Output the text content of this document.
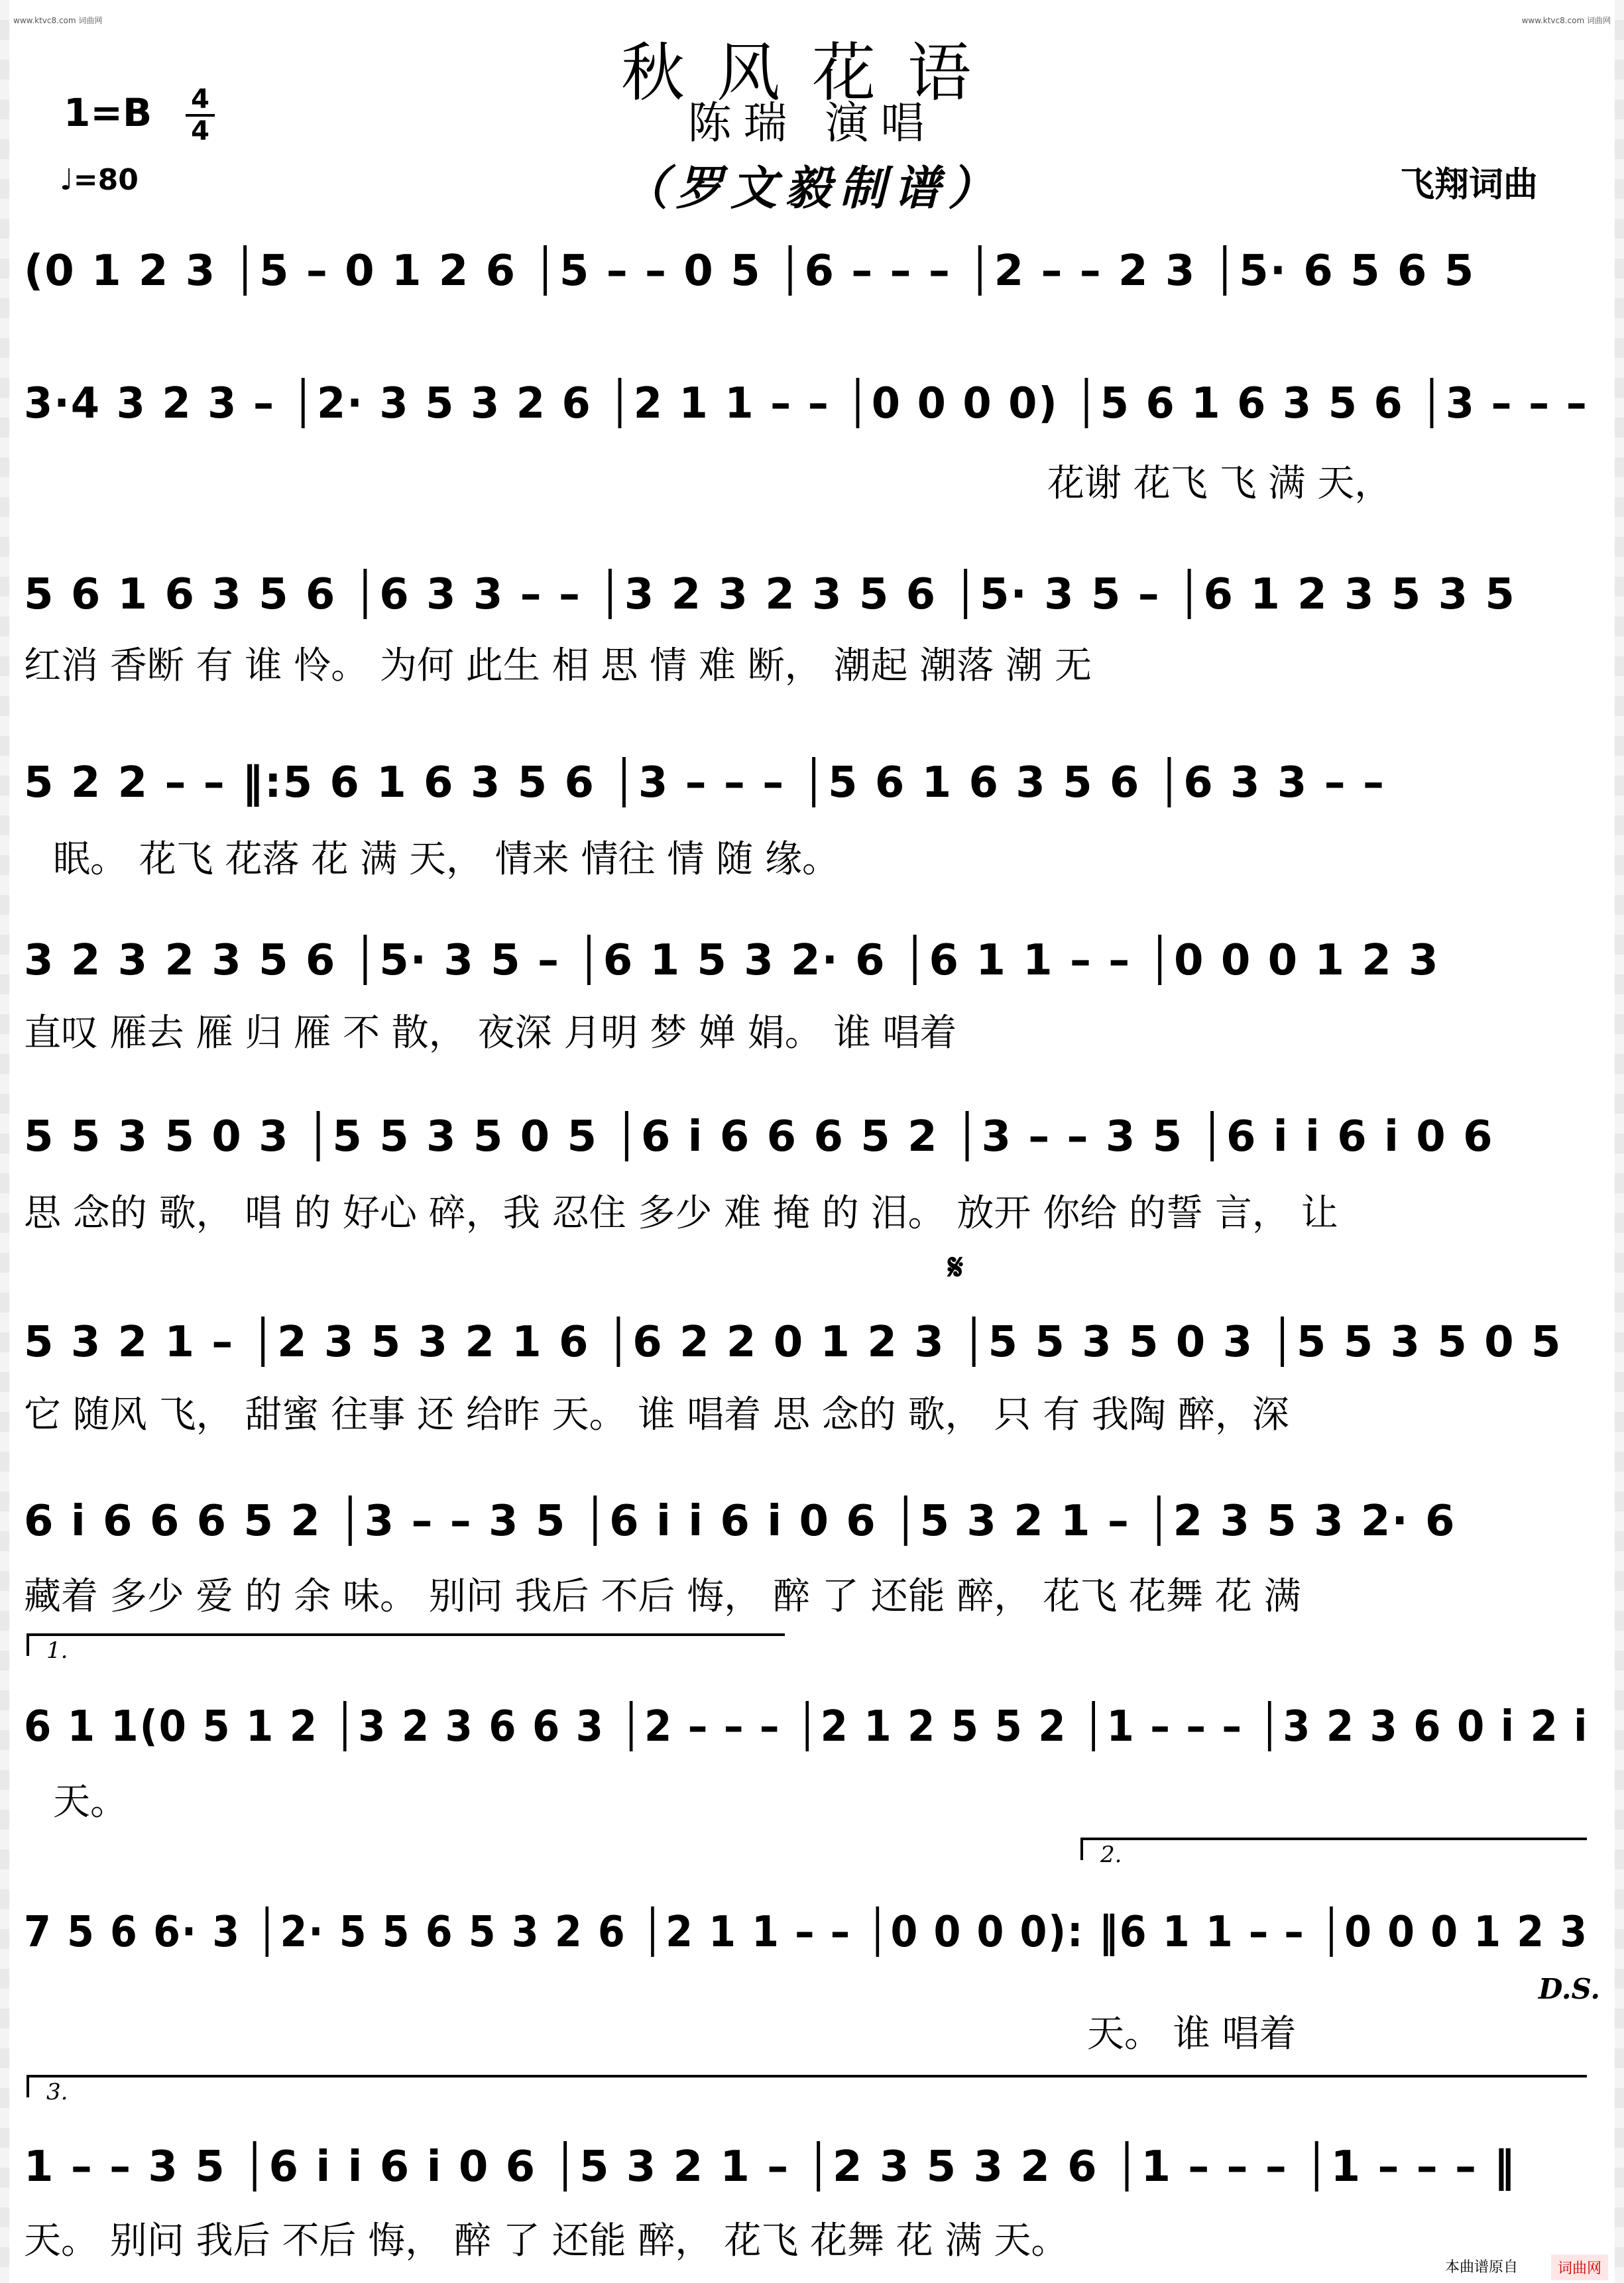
www.ktvc8.com 词曲网	www.ktvc8.com 词曲网
秋风花语
陈瑞 演唱
（罗文毅制谱）
1=B 4
4
♩=80	飞翔词曲
(0 1 2 3 │5 – 0 1 2 6 │5 – – 0 5 │6 – – – │2 – – 2 3 │5· 6 5 6 5
3·4 3 2 3 – │2· 3 5 3 2 6 │2 1 1 – – │0 0 0 0) │5 6 1 6 3 5 6 │3 – – –
花谢 花飞 飞 满 天，
5 6 1 6 3 5 6 │6 3 3 – – │3 2 3 2 3 5 6 │5· 3 5 – │6 1 2 3 5 3 5
红消 香断 有 谁 怜。 为何 此生 相 思 情 难 断， 潮起 潮落 潮 无
5 2 2 – – ‖:5 6 1 6 3 5 6 │3 – – – │5 6 1 6 3 5 6 │6 3 3 – –
眠。 花飞 花落 花 满 天， 情来 情往 情 随 缘。
3 2 3 2 3 5 6 │5· 3 5 – │6 1 5 3 2· 6 │6 1 1 – – │0 0 0 1 2 3
直叹 雁去 雁 归 雁 不 散， 夜深 月明 梦 婵 娟。 谁 唱着
5 5 3 5 0 3 │5 5 3 5 0 5 │6 i 6 6 6 5 2 │3 – – 3 5 │6 i i 6 i 0 6
思 念的 歌， 唱 的 好心 碎，我 忍住 多少 难 掩 的 泪。 放开 你给 的誓 言， 让
𝄋
5 3 2 1 – │2 3 5 3 2 1 6 │6 2 2 0 1 2 3 │5 5 3 5 0 3 │5 5 3 5 0 5
它 随风 飞， 甜蜜 往事 还 给昨 天。 谁 唱着 思 念的 歌， 只 有 我陶 醉，深
6 i 6 6 6 5 2 │3 – – 3 5 │6 i i 6 i 0 6 │5 3 2 1 – │2 3 5 3 2· 6
藏着 多少 爱 的 余 味。 别问 我后 不后 悔， 醉 了 还能 醉， 花飞 花舞 花 满
1.
6 1 1(0 5 1 2 │3 2 3 6 6 3 │2 – – – │2 1 2 5 5 2 │1 – – – │3 2 3 6 0 i 2 i
天。
2.
7 5 6 6· 3 │2· 5 5 6 5 3 2 6 │2 1 1 – – │0 0 0 0): ‖6 1 1 – – │0 0 0 1 2 3
D.S.
天。 谁 唱着
3.
1 – – 3 5 │6 i i 6 i 0 6 │5 3 2 1 – │2 3 5 3 2 6 │1 – – – │1 – – – ‖
天。 别问 我后 不后 悔， 醉 了 还能 醉， 花飞 花舞 花 满 天。
本曲谱原自	词曲网
